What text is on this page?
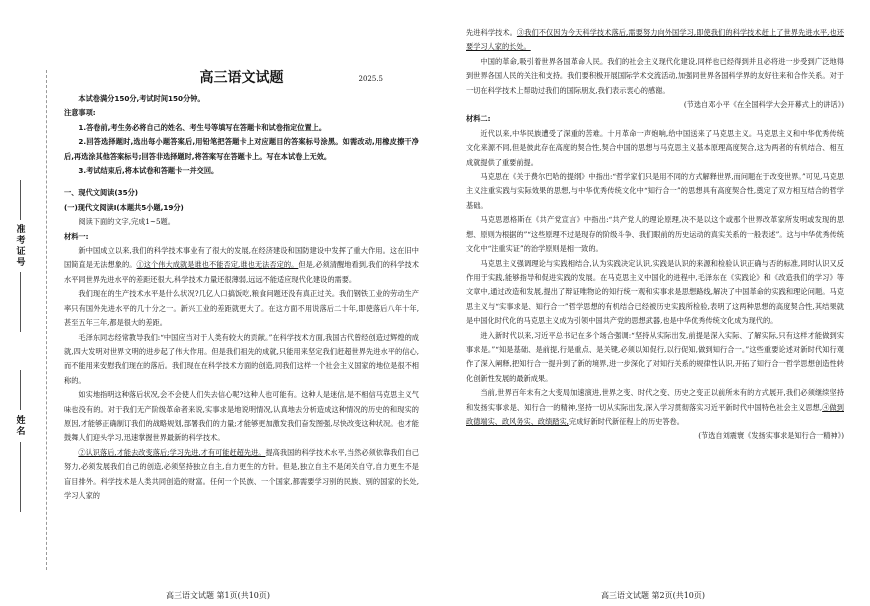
准考证号
姓名
高三语文试题	2025.5

本试卷满分150分,考试时间150分钟。

注意事项:

1.答卷前,考生务必将自己的姓名、考生号等填写在答题卡和试卷指定位置上。

2.回答选择题时,选出每小题答案后,用铅笔把答题卡上对应题目的答案标号涂黑。如需改动,用橡皮擦干净后,再选涂其他答案标号;回答非选择题时,将答案写在答题卡上。写在本试卷上无效。

3.考试结束后,将本试卷和答题卡一并交回。

一、现代文阅读(35分)

(一)现代文阅读Ⅰ(本题共5小题,19分)

阅读下面的文字,完成1~5题。

材料一:

新中国成立以来,我们的科学技术事业有了很大的发展,在经济建设和国防建设中发挥了重大作用。这在旧中国简直是无法想象的。①这个伟大成就是谁也不能否定,谁也无法否定的。但是,必须清醒地看到,我们的科学技术水平同世界先进水平的差距还很大,科学技术力量还很薄弱,远远不能适应现代化建设的需要。

我们现在的生产技术水平是什么状况?几亿人口搞饭吃,粮食问题还没有真正过关。我们钢铁工业的劳动生产率只有国外先进水平的几十分之一。新兴工业的差距就更大了。在这方面不用说落后二十年,即使落后八年十年,甚至五年三年,都是很大的差距。

毛泽东同志经常教导我们:“中国应当对于人类有较大的贡献。”在科学技术方面,我国古代曾经创造过辉煌的成就,四大发明对世界文明的进步起了伟大作用。但是我们祖先的成就,只能用来坚定我们赶超世界先进水平的信心,而不能用来安慰我们现在的落后。我们现在在科学技术方面的创造,同我们这样一个社会主义国家的地位是很不相称的。

如实地指明这种落后状况,会不会使人们失去信心呢?这种人也可能有。这种人是迷信,是不相信马克思主义气味也没有的。对于我们无产阶级革命者来说,实事求是地说明情况,认真地去分析造成这种情况的历史的和现实的原因,才能够正确制订我们的战略规划,部署我们的力量;才能够更加激发我们奋发图强,尽快改变这种状况。也才能鼓舞人们迎头学习,迅速掌握世界最新的科学技术。

②认识落后,才能去改变落后;学习先进,才有可能赶超先进。提高我国的科学技术水平,当然必须依靠我们自己努力,必须发展我们自己的创造,必须坚持独立自主,自力更生的方针。但是,独立自主不是闭关自守,自力更生不是盲目排外。科学技术是人类共同创造的财富。任何一个民族、一个国家,都需要学习别的民族、别的国家的长处,学习人家的

高三语文试题 第1页(共10页)

先进科学技术。③我们不仅因为今天科学技术落后,需要努力向外国学习,即使我们的科学技术赶上了世界先进水平,也还要学习人家的长处。

中国的革命,吸引着世界各国革命人民。我们的社会主义现代化建设,同样也已经得到并且必将进一步受到广泛地得到世界各国人民的关注和支持。我们要积极开展国际学术交流活动,加强同世界各国科学界的友好往来和合作关系。对于一切在科学技术上帮助过我们的国际朋友,我们表示衷心的感谢。

(节选自邓小平《在全国科学大会开幕式上的讲话》)

材料二:

近代以来,中华民族遭受了深重的苦难。十月革命一声炮响,给中国送来了马克思主义。马克思主义和中华优秀传统文化来源不同,但是彼此存在高度的契合性,契合中国的思想与马克思主义基本原理高度契合,这为两者的有机结合、相互成就提供了重要前提。

马克思在《关于费尔巴哈的提纲》中指出:“哲学家们只是用不同的方式解释世界,而问题在于改变世界。”可见,马克思主义注重实践与实际效果的思想,与中华优秀传统文化中“知行合一”的思想具有高度契合性,奠定了双方相互结合的哲学基础。

马克思恩格斯在《共产党宣言》中指出:“共产党人的理论原理,决不是以这个或那个世界改革家所发明或发现的思想、原则为根据的”“这些原理不过是现存的阶级斗争、我们眼前的历史运动的真实关系的一般表述”。这与中华优秀传统文化中“注重实证”的治学原则是相一致的。

马克思主义强调理论与实践相结合,认为实践决定认识,实践是认识的来源和检验认识正确与否的标准,同时认识又反作用于实践,能够指导和促进实践的发展。在马克思主义中国化的进程中,毛泽东在《实践论》和《改造我们的学习》等文章中,通过改造和发展,提出了辩证唯物论的知行统一观和实事求是思想路线,解决了中国革命的实践和理论问题。马克思主义与“实事求是、知行合一”哲学思想的有机结合已经被历史实践所检验,表明了这两种思想的高度契合性,其结果就是中国化时代化的马克思主义成为引领中国共产党的思想武器,也是中华优秀传统文化成为现代的。

进入新时代以来,习近平总书记在多个场合强调:“坚持从实际出发,前提是深入实际、了解实际,只有这样才能做到实事求是。”“知是基础、是前提,行是重点、是关键,必须以知促行,以行促知,做到知行合一。”这些重要论述对新时代知行观作了深入阐释,把知行合一提升到了新的境界,进一步深化了对知行关系的规律性认识,开拓了知行合一哲学思想创造性转化创新性发展的最新成果。

当前,世界百年未有之大变局加速演进,世界之变、时代之变、历史之变正以前所未有的方式展开,我们必须继续坚持和发扬实事求是、知行合一的精神,坚持一切从实际出发,深入学习贯彻落实习近平新时代中国特色社会主义思想,④做到政德端实、政风务实、政绩踏实,完成好新时代新征程上的历史答卷。

(节选自刘震寰《发扬实事求是知行合一精神》)

高三语文试题 第2页(共10页)
